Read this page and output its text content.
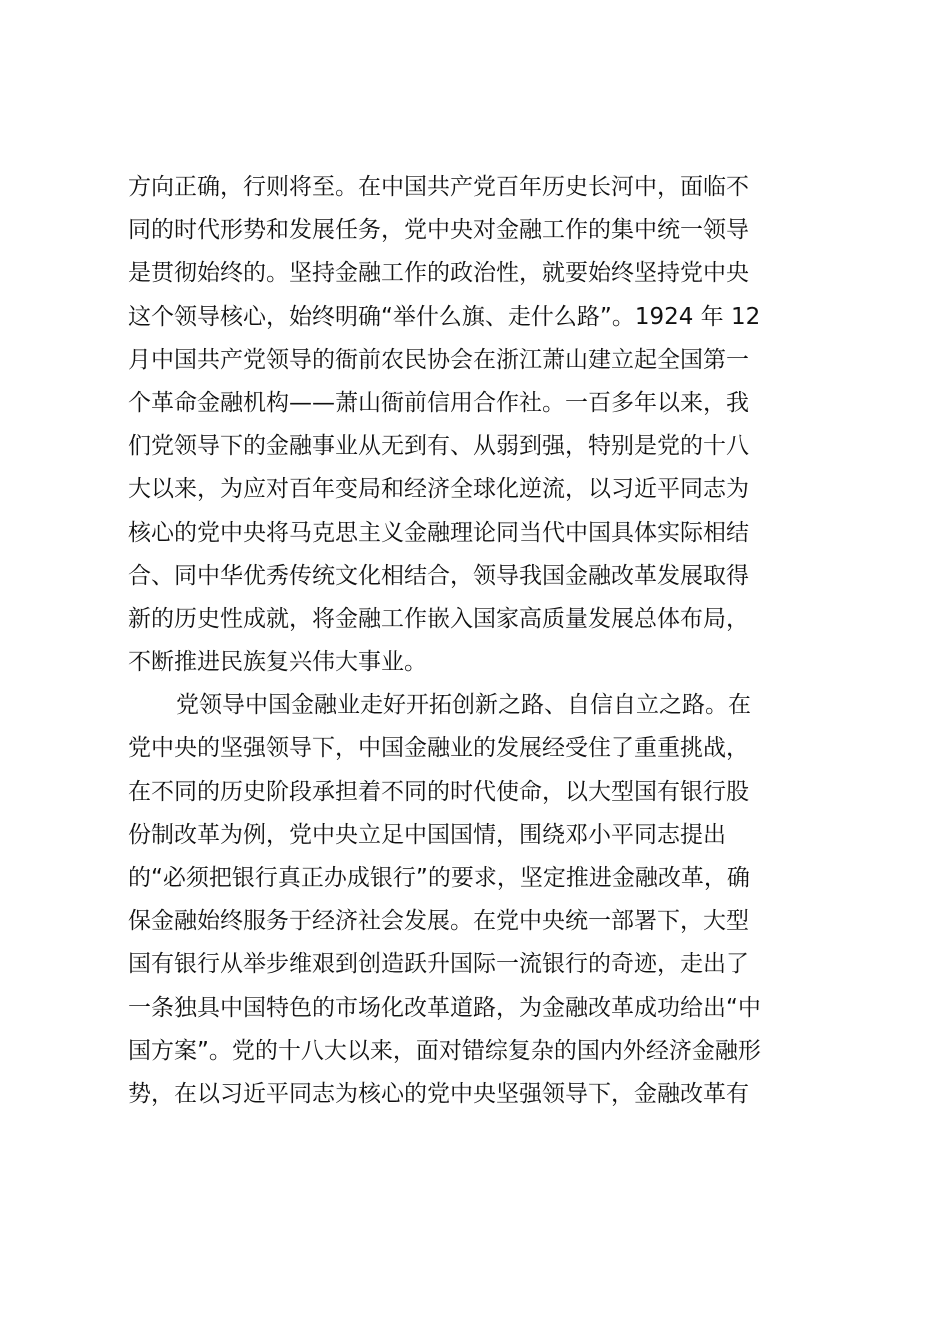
方向正确，行则将至。在中国共产党百年历史长河中，面临不
同的时代形势和发展任务，党中央对金融工作的集中统一领导
是贯彻始终的。坚持金融工作的政治性，就要始终坚持党中央
这个领导核心，始终明确“举什么旗、走什么路”。1924 年 12
月中国共产党领导的衙前农民协会在浙江萧山建立起全国第一
个革命金融机构——萧山衙前信用合作社。一百多年以来，我
们党领导下的金融事业从无到有、从弱到强，特别是党的十八
大以来，为应对百年变局和经济全球化逆流，以习近平同志为
核心的党中央将马克思主义金融理论同当代中国具体实际相结
合、同中华优秀传统文化相结合，领导我国金融改革发展取得
新的历史性成就，将金融工作嵌入国家高质量发展总体布局，
不断推进民族复兴伟大事业。
党领导中国金融业走好开拓创新之路、自信自立之路。在
党中央的坚强领导下，中国金融业的发展经受住了重重挑战，
在不同的历史阶段承担着不同的时代使命，以大型国有银行股
份制改革为例，党中央立足中国国情，围绕邓小平同志提出
的“必须把银行真正办成银行”的要求，坚定推进金融改革，确
保金融始终服务于经济社会发展。在党中央统一部署下，大型
国有银行从举步维艰到创造跃升国际一流银行的奇迹，走出了
一条独具中国特色的市场化改革道路，为金融改革成功给出“中
国方案”。党的十八大以来，面对错综复杂的国内外经济金融形
势，在以习近平同志为核心的党中央坚强领导下，金融改革有
